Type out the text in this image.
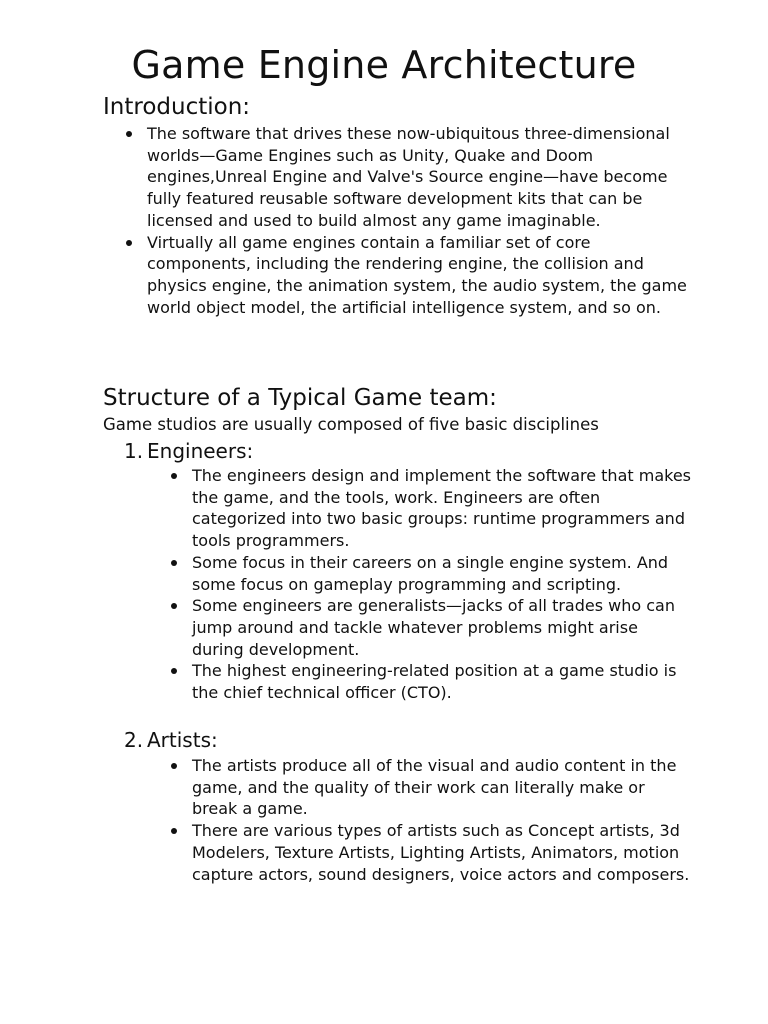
Game Engine Architecture
Introduction:
The software that drives these now-ubiquitous three-dimensional worlds—Game Engines such as Unity, Quake and Doom engines,Unreal Engine and Valve's Source engine—have become fully featured reusable software development kits that can be licensed and used to build almost any game imaginable.
Virtually all game engines contain a familiar set of core components, including the rendering engine, the collision and physics engine, the animation system, the audio system, the game world object model, the artificial intelligence system, and so on.
Structure of a Typical Game team:

Game studios are usually composed of five basic disciplines

1. Engineers:
The engineers design and implement the software that makes the game, and the tools, work. Engineers are often categorized into two basic groups: runtime programmers and tools programmers.
Some focus in their careers on a single engine system. And some focus on gameplay programming and scripting.
Some engineers are generalists—jacks of all trades who can jump around and tackle whatever problems might arise during development.
The highest engineering-related position at a game studio is the chief technical officer (CTO).
2. Artists:
The artists produce all of the visual and audio content in the game, and the quality of their work can literally make or break a game.
There are various types of artists such as Concept artists, 3d Modelers, Texture Artists, Lighting Artists, Animators, motion capture actors, sound designers, voice actors and composers.
